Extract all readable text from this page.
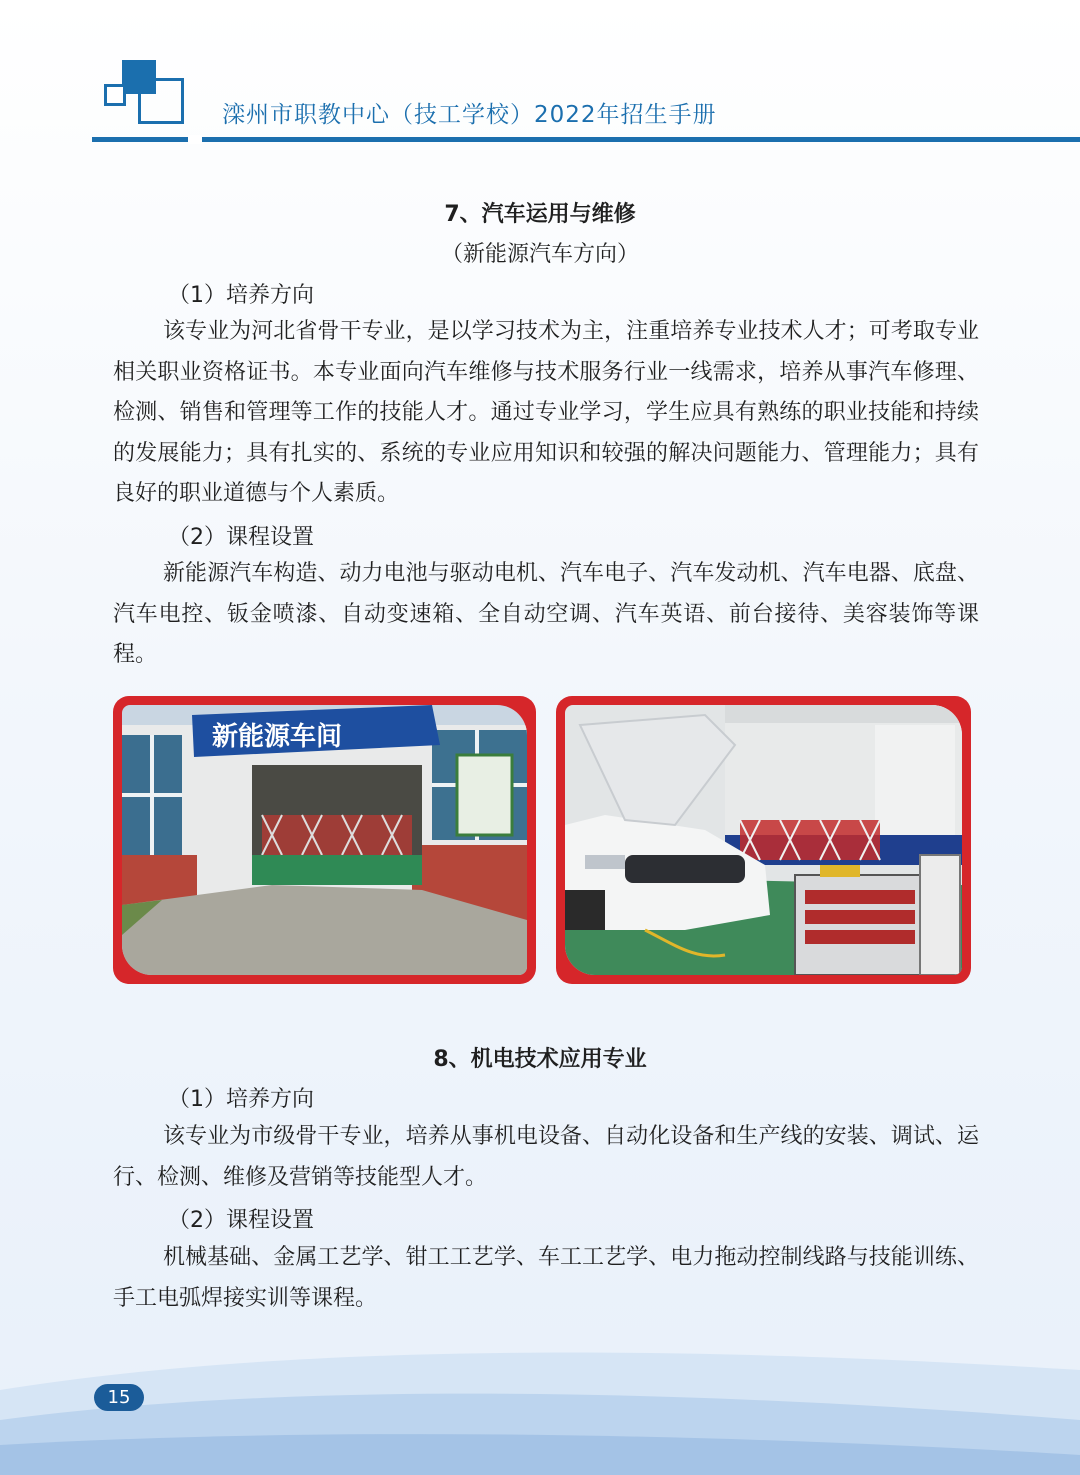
滦州市职教中心（技工学校）2022年招生手册
7、汽车运用与维修
（新能源汽车方向）
（1）培养方向

该专业为河北省骨干专业，是以学习技术为主，注重培养专业技术人才；可考取专业相关职业资格证书。本专业面向汽车维修与技术服务行业一线需求，培养从事汽车修理、检测、销售和管理等工作的技能人才。通过专业学习，学生应具有熟练的职业技能和持续的发展能力；具有扎实的、系统的专业应用知识和较强的解决问题能力、管理能力；具有良好的职业道德与个人素质。

（2）课程设置

新能源汽车构造、动力电池与驱动电机、汽车电子、汽车发动机、汽车电器、底盘、汽车电控、钣金喷漆、自动变速箱、全自动空调、汽车英语、前台接待、美容装饰等课程。

新能源车间
8、机电技术应用专业
（1）培养方向

该专业为市级骨干专业，培养从事机电设备、自动化设备和生产线的安装、调试、运行、检测、维修及营销等技能型人才。

（2）课程设置

机械基础、金属工艺学、钳工工艺学、车工工艺学、电力拖动控制线路与技能训练、手工电弧焊接实训等课程。

15
